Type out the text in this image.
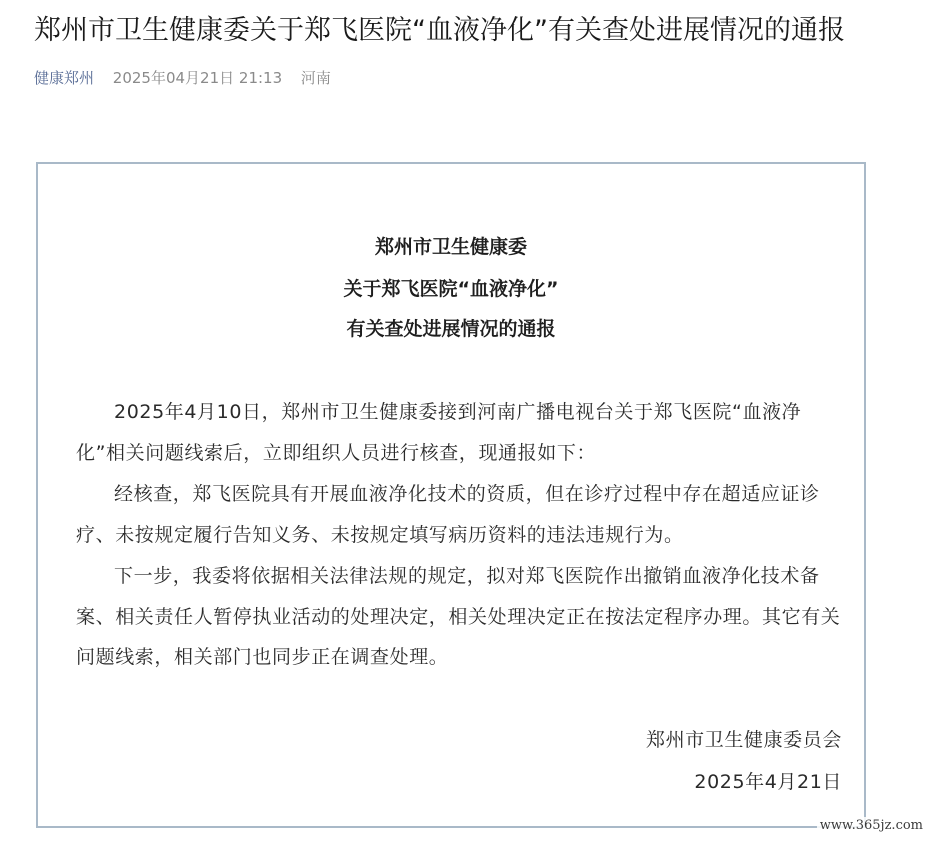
郑州市卫生健康委关于郑飞医院“血液净化”有关查处进展情况的通报
健康郑州 2025年04月21日 21:13 河南
郑州市卫生健康委
关于郑飞医院“血液净化”
有关查处进展情况的通报

2025年4月10日，郑州市卫生健康委接到河南广播电视台关于郑飞医院“血液净化”相关问题线索后，立即组织人员进行核查，现通报如下：

经核查，郑飞医院具有开展血液净化技术的资质，但在诊疗过程中存在超适应证诊疗、未按规定履行告知义务、未按规定填写病历资料的违法违规行为。

下一步，我委将依据相关法律法规的规定，拟对郑飞医院作出撤销血液净化技术备案、相关责任人暂停执业活动的处理决定，相关处理决定正在按法定程序办理。其它有关问题线索，相关部门也同步正在调查处理。

郑州市卫生健康委员会
2025年4月21日
www.365jz.com
